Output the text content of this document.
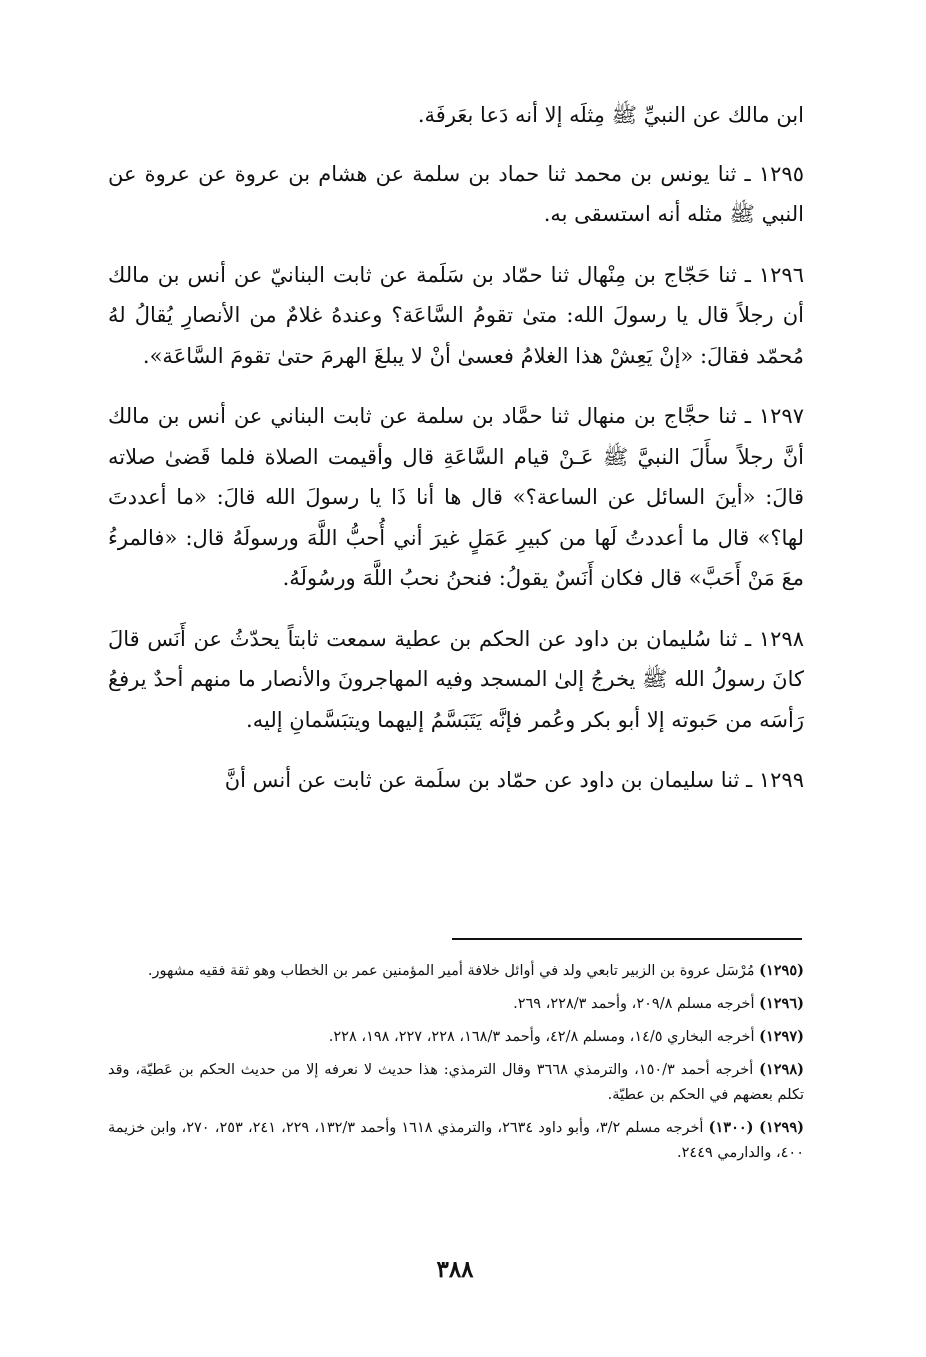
ابن مالك عن النبيِّ ﷺ مِثلَه إلا أنه دَعا بعَرفَة.

١٢٩٥ ـ ثنا يونس بن محمد ثنا حماد بن سلمة عن هشام بن عروة عن عروة عن النبي ﷺ مثله أنه استسقى به.

١٢٩٦ ـ ثنا حَجّاج بن مِنْهال ثنا حمّاد بن سَلَمة عن ثابت البنانيّ عن أنس بن مالك أن رجلاً قال يا رسولَ الله: متىٰ تقومُ السَّاعَة؟ وعندهُ غلامٌ من الأنصارِ يُقالُ لهُ مُحمّد فقالَ: «إنْ يَعِشْ هذا الغلامُ فعسىٰ أنْ لا يبلغَ الهرمَ حتىٰ تقومَ السَّاعَة».

١٢٩٧ ـ ثنا حجَّاج بن منهال ثنا حمَّاد بن سلمة عن ثابت البناني عن أنس بن مالك أنَّ رجلاً سأَلَ النبيَّ ﷺ عَـنْ قيام السَّاعَةِ قال وأقيمت الصلاة فلما قَضىٰ صلاته قالَ: «أينَ السائل عن الساعة؟» قال ها أنا ذَا يا رسولَ الله قالَ: «ما أعددتَ لها؟» قال ما أعددتُ لَها من كبيرِ عَمَلٍ غيرَ أني أُحبُّ اللَّهَ ورسولَهُ قال: «فالمرءُ معَ مَنْ أَحَبَّ» قال فكان أَنَسٌ يقولُ: فنحنُ نحبُ اللَّهَ ورسُولَهُ.

١٢٩٨ ـ ثنا سُليمان بن داود عن الحكم بن عطية سمعت ثابتاً يحدّثُ عن أَنَس قالَ كانَ رسولُ الله ﷺ يخرجُ إلىٰ المسجد وفيه المهاجرونَ والأنصار ما منهم أحدٌ يرفعُ رَأسَه من حَبوته إلا أبو بكر وعُمر فإنَّه يَتَبَسَّمُ إليهما ويتبَسَّمانِ إليه.

١٢٩٩ ـ ثنا سليمان بن داود عن حمّاد بن سلَمة عن ثابت عن أنس أنَّ

(١٢٩٥) مُرْسَل عروة بن الزبير تابعي ولد في أوائل خلافة أمير المؤمنين عمر بن الخطاب وهو ثقة فقيه مشهور.

(١٢٩٦) أخرجه مسلم ٢٠٩/٨، وأحمد ٢٢٨/٣، ٢٦٩.

(١٢٩٧) أخرجه البخاري ١٤/٥، ومسلم ٤٢/٨، وأحمد ١٦٨/٣، ٢٢٨، ٢٢٧، ١٩٨، ٢٢٨.

(١٢٩٨) أخرجه أحمد ١٥٠/٣، والترمذي ٣٦٦٨ وقال الترمذي: هذا حديث لا نعرفه إلا من حديث الحكم بن عَطيّة، وقد تكلم بعضهم في الحكم بن عطيّة.

(١٢٩٩) (١٣٠٠) أخرجه مسلم ٣/٢، وأبو داود ٢٦٣٤، والترمذي ١٦١٨ وأحمد ١٣٢/٣، ٢٢٩، ٢٤١، ٢٥٣، ٢٧٠، وابن خزيمة ٤٠٠، والدارمي ٢٤٤٩.

٣٨٨
